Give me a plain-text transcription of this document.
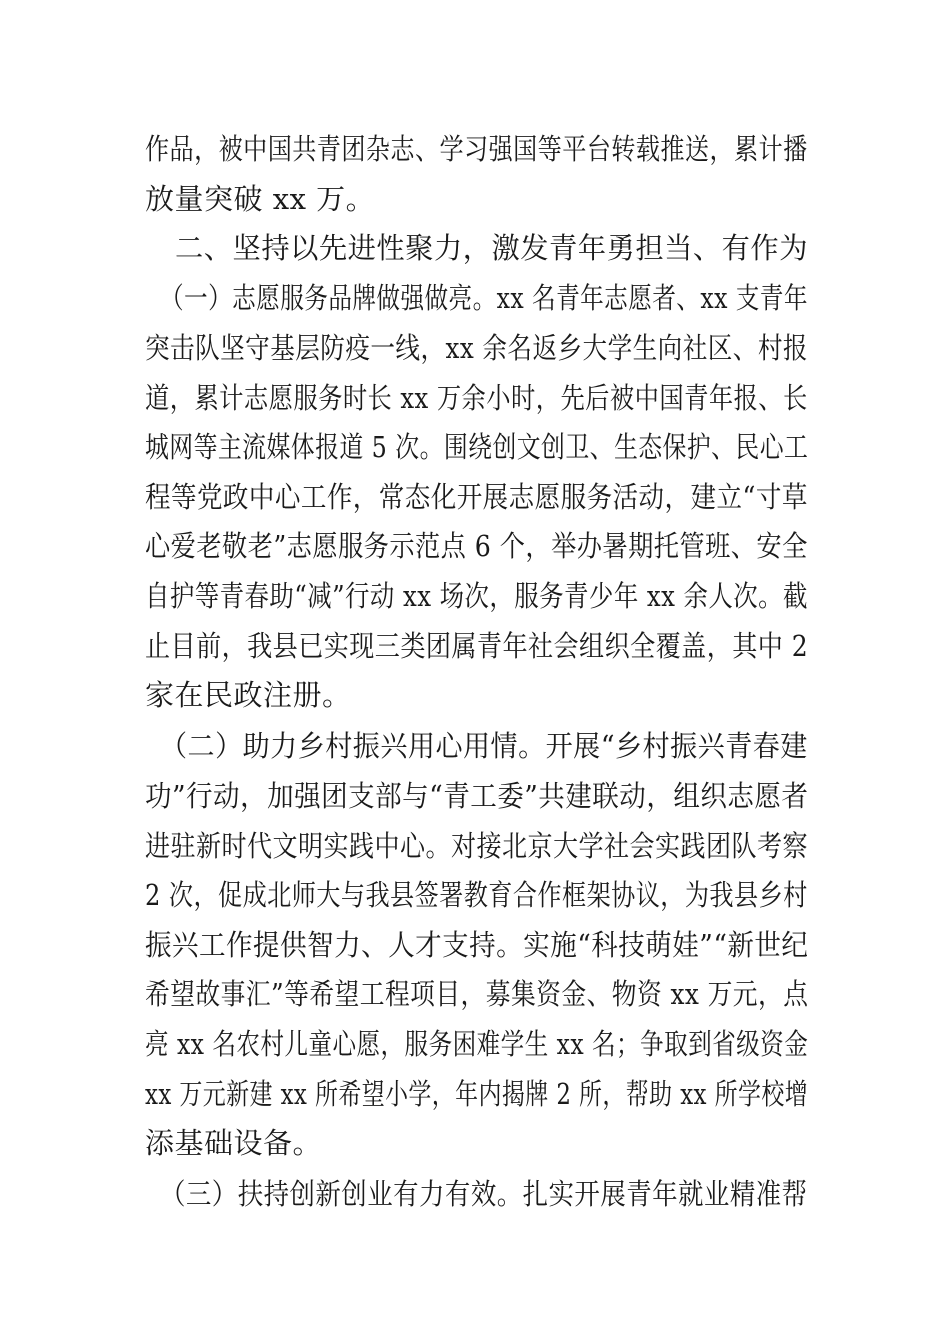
作品，被中国共青团杂志、学习强国等平台转载推送，累计播
放量突破 xx 万。
二、坚持以先进性聚力，激发青年勇担当、有作为
（一）志愿服务品牌做强做亮。xx 名青年志愿者、xx 支青年
突击队坚守基层防疫一线，xx 余名返乡大学生向社区、村报
道，累计志愿服务时长 xx 万余小时，先后被中国青年报、长
城网等主流媒体报道 5 次。围绕创文创卫、生态保护、民心工
程等党政中心工作，常态化开展志愿服务活动，建立“寸草
心爱老敬老”志愿服务示范点 6 个，举办暑期托管班、安全
自护等青春助“减”行动 xx 场次，服务青少年 xx 余人次。截
止目前，我县已实现三类团属青年社会组织全覆盖，其中 2
家在民政注册。
（二）助力乡村振兴用心用情。开展“乡村振兴青春建
功”行动，加强团支部与“青工委”共建联动，组织志愿者
进驻新时代文明实践中心。对接北京大学社会实践团队考察
2 次，促成北师大与我县签署教育合作框架协议，为我县乡村
振兴工作提供智力、人才支持。实施“科技萌娃”“新世纪
希望故事汇”等希望工程项目，募集资金、物资 xx 万元，点
亮 xx 名农村儿童心愿，服务困难学生 xx 名；争取到省级资金
xx 万元新建 xx 所希望小学，年内揭牌 2 所，帮助 xx 所学校增
添基础设备。
（三）扶持创新创业有力有效。扎实开展青年就业精准帮
